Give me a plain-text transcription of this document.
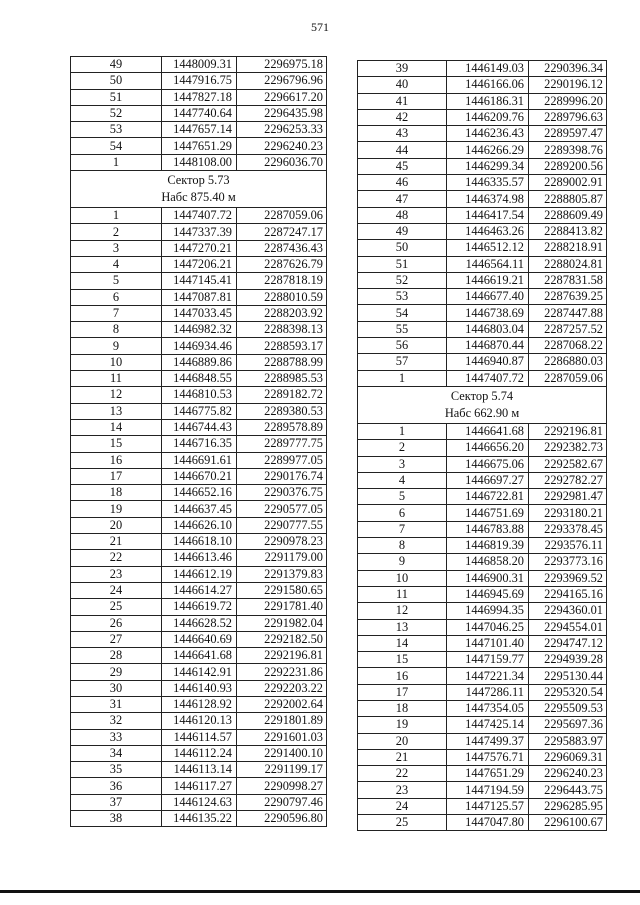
571
49	1448009.31	2296975.18
50	1447916.75	2296796.96
51	1447827.18	2296617.20
52	1447740.64	2296435.98
53	1447657.14	2296253.33
54	1447651.29	2296240.23
1	1448108.00	2296036.70

Сектор 5.73
Набс 875.40 м		

1	1447407.72	2287059.06
2	1447337.39	2287247.17
3	1447270.21	2287436.43
4	1447206.21	2287626.79
5	1447145.41	2287818.19
6	1447087.81	2288010.59
7	1447033.45	2288203.92
8	1446982.32	2288398.13
9	1446934.46	2288593.17
10	1446889.86	2288788.99
11	1446848.55	2288985.53
12	1446810.53	2289182.72
13	1446775.82	2289380.53
14	1446744.43	2289578.89
15	1446716.35	2289777.75
16	1446691.61	2289977.05
17	1446670.21	2290176.74
18	1446652.16	2290376.75
19	1446637.45	2290577.05
20	1446626.10	2290777.55
21	1446618.10	2290978.23
22	1446613.46	2291179.00
23	1446612.19	2291379.83
24	1446614.27	2291580.65
25	1446619.72	2291781.40
26	1446628.52	2291982.04
27	1446640.69	2292182.50
28	1446641.68	2292196.81
29	1446142.91	2292231.86
30	1446140.93	2292203.22
31	1446128.92	2292002.64
32	1446120.13	2291801.89
33	1446114.57	2291601.03
34	1446112.24	2291400.10
35	1446113.14	2291199.17
36	1446117.27	2290998.27
37	1446124.63	2290797.46
38	1446135.22	2290596.80
39	1446149.03	2290396.34
40	1446166.06	2290196.12
41	1446186.31	2289996.20
42	1446209.76	2289796.63
43	1446236.43	2289597.47
44	1446266.29	2289398.76
45	1446299.34	2289200.56
46	1446335.57	2289002.91
47	1446374.98	2288805.87
48	1446417.54	2288609.49
49	1446463.26	2288413.82
50	1446512.12	2288218.91
51	1446564.11	2288024.81
52	1446619.21	2287831.58
53	1446677.40	2287639.25
54	1446738.69	2287447.88
55	1446803.04	2287257.52
56	1446870.44	2287068.22
57	1446940.87	2286880.03
1	1447407.72	2287059.06

Сектор 5.74
Набс 662.90 м		

1	1446641.68	2292196.81
2	1446656.20	2292382.73
3	1446675.06	2292582.67
4	1446697.27	2292782.27
5	1446722.81	2292981.47
6	1446751.69	2293180.21
7	1446783.88	2293378.45
8	1446819.39	2293576.11
9	1446858.20	2293773.16
10	1446900.31	2293969.52
11	1446945.69	2294165.16
12	1446994.35	2294360.01
13	1447046.25	2294554.01
14	1447101.40	2294747.12
15	1447159.77	2294939.28
16	1447221.34	2295130.44
17	1447286.11	2295320.54
18	1447354.05	2295509.53
19	1447425.14	2295697.36
20	1447499.37	2295883.97
21	1447576.71	2296069.31
22	1447651.29	2296240.23
23	1447194.59	2296443.75
24	1447125.57	2296285.95
25	1447047.80	2296100.67
